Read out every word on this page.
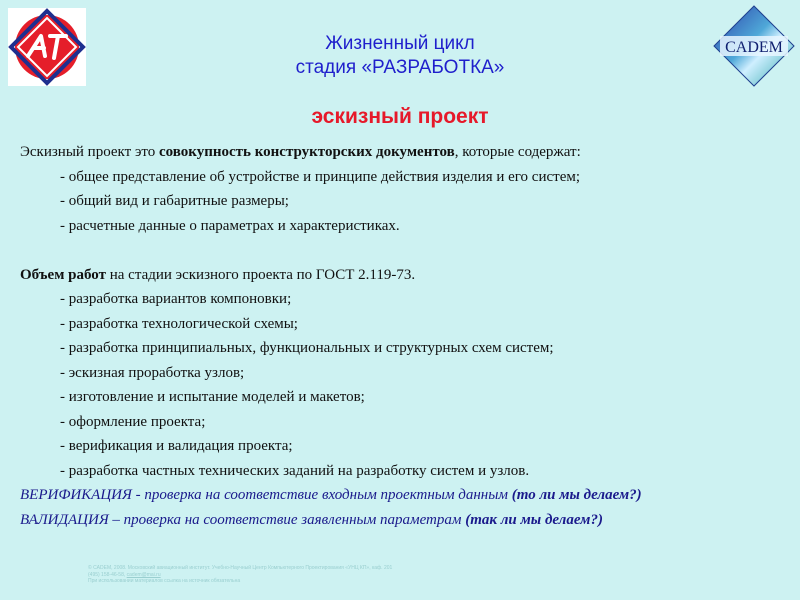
CADEM
Жизненный цикл
стадия «РАЗРАБОТКА»
эскизный проект
Эскизный проект это совокупность конструкторских документов, которые содержат:
- общее представление об устройстве и принципе действия изделия и его систем;
- общий вид и габаритные размеры;
- расчетные данные о параметрах и характеристиках.
Объем работ на стадии эскизного проекта по ГОСТ 2.119-73.
- разработка вариантов компоновки;
- разработка технологической схемы;
- разработка принципиальных, функциональных и структурных схем систем;
- эскизная проработка узлов;
- изготовление и испытание моделей и макетов;
- оформление проекта;
- верификация и валидация проекта;
- разработка частных технических заданий на разработку систем и узлов.
ВЕРИФИКАЦИЯ - проверка на соответствие входным проектным данным (то ли мы делаем?)
ВАЛИДАЦИЯ – проверка на соответствие заявленным параметрам (так ли мы делаем?)
© CADEM, 2008. Московский авиационный институт. Учебно-Научный Центр Компьютерного Проектирования «УНЦ КП», каф. 201
(495) 158-46-58, cadem@mai.ru
При использовании материалов ссылка на источник обязательна
